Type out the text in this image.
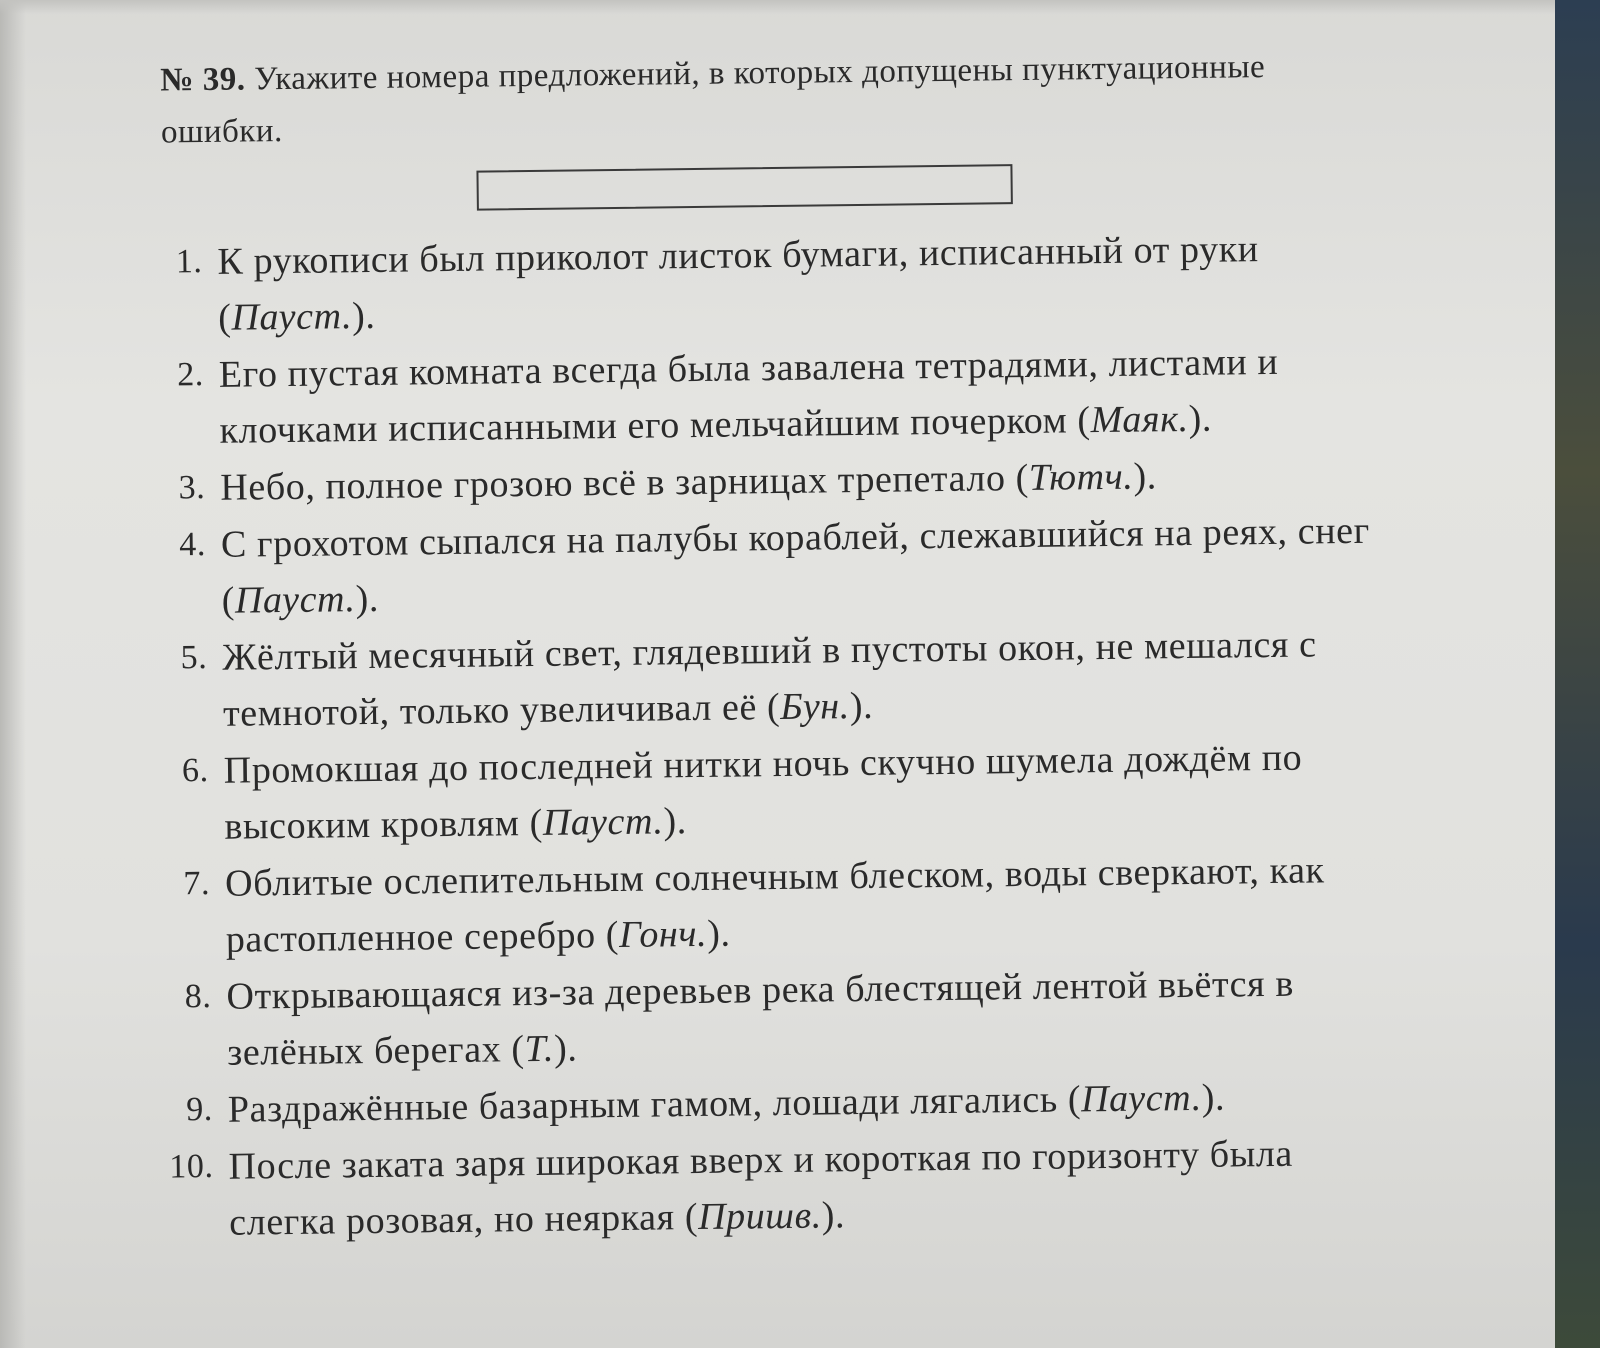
№ 39. Укажите номера предложений, в которых допущены пунктуационные ошибки.

1. К рукописи был приколот листок бумаги, исписанный от руки (Пауст.).
2. Его пустая комната всегда была завалена тетрадями, листами и клочками исписанными его мельчайшим почерком (Маяк.).
3. Небо, полное грозою всё в зарницах трепетало (Тютч.).
4. С грохотом сыпался на палубы кораблей, слежавшийся на реях, снег (Пауст.).
5. Жёлтый месячный свет, глядевший в пустоты окон, не мешался с темнотой, только увеличивал её (Бун.).
6. Промокшая до последней нитки ночь скучно шумела дождём по высоким кровлям (Пауст.).
7. Облитые ослепительным солнечным блеском, воды сверкают, как растопленное серебро (Гонч.).
8. Открывающаяся из-за деревьев река блестящей лентой вьётся в зелёных берегах (Т.).
9. Раздражённые базарным гамом, лошади лягались (Пауст.).
10. После заката заря широкая вверх и короткая по горизонту была слегка розовая, но неяркая (Пришв.).
